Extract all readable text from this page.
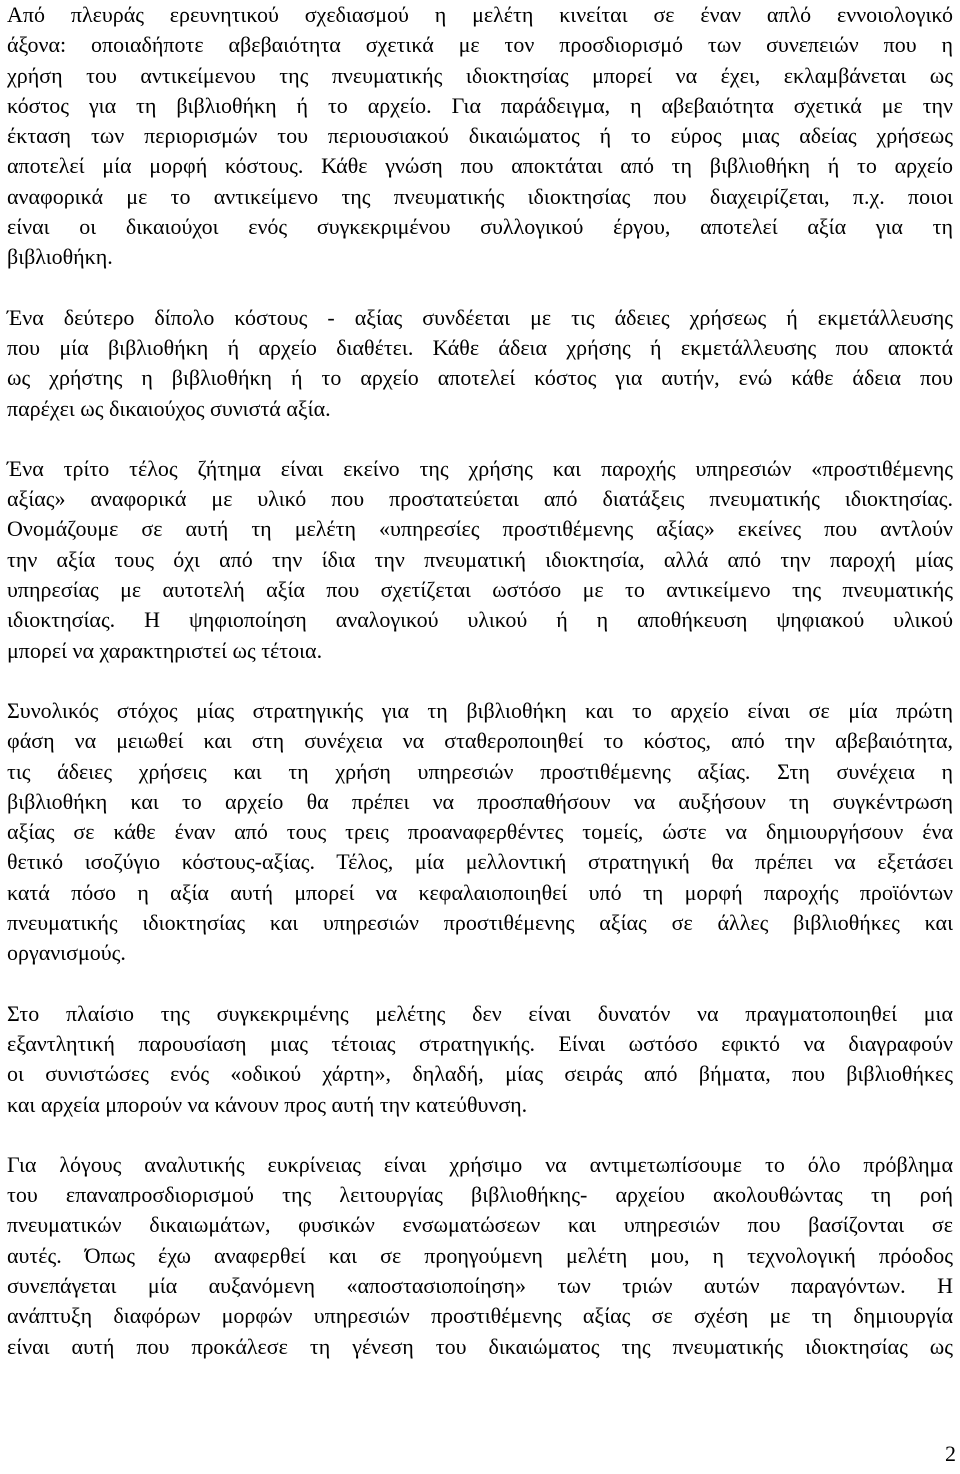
Από πλευράς ερευνητικού σχεδιασμού η μελέτη κινείται σε έναν απλό εννοιολογικό
άξονα: οποιαδήποτε αβεβαιότητα σχετικά με τον προσδιορισμό των συνεπειών που η
χρήση του αντικείμενου της πνευματικής ιδιοκτησίας μπορεί να έχει, εκλαμβάνεται ως
κόστος για τη βιβλιοθήκη ή το αρχείο. Για παράδειγμα, η αβεβαιότητα σχετικά με την
έκταση των περιορισμών του περιουσιακού δικαιώματος ή το εύρος μιας αδείας χρήσεως
αποτελεί μία μορφή κόστους. Κάθε γνώση που αποκτάται από τη βιβλιοθήκη ή το αρχείο
αναφορικά με το αντικείμενο της πνευματικής ιδιοκτησίας που διαχειρίζεται, π.χ. ποιοι
είναι οι δικαιούχοι ενός συγκεκριμένου συλλογικού έργου, αποτελεί αξία για τη
βιβλιοθήκη.
Ένα δεύτερο δίπολο κόστους - αξίας συνδέεται με τις άδειες χρήσεως ή εκμετάλλευσης
που μία βιβλιοθήκη ή αρχείο διαθέτει. Κάθε άδεια χρήσης ή εκμετάλλευσης που αποκτά
ως χρήστης η βιβλιοθήκη ή το αρχείο αποτελεί κόστος για αυτήν, ενώ κάθε άδεια που
παρέχει ως δικαιούχος συνιστά αξία.
Ένα τρίτο τέλος ζήτημα είναι εκείνο της χρήσης και παροχής υπηρεσιών «προστιθέμενης
αξίας» αναφορικά με υλικό που προστατεύεται από διατάξεις πνευματικής ιδιοκτησίας.
Ονομάζουμε σε αυτή τη μελέτη «υπηρεσίες προστιθέμενης αξίας» εκείνες που αντλούν
την αξία τους όχι από την ίδια την πνευματική ιδιοκτησία, αλλά από την παροχή μίας
υπηρεσίας με αυτοτελή αξία που σχετίζεται ωστόσο με το αντικείμενο της πνευματικής
ιδιοκτησίας. Η ψηφιοποίηση αναλογικού υλικού ή η αποθήκευση ψηφιακού υλικού
μπορεί να χαρακτηριστεί ως τέτοια.
Συνολικός στόχος μίας στρατηγικής για τη βιβλιοθήκη και το αρχείο είναι σε μία πρώτη
φάση να μειωθεί και στη συνέχεια να σταθεροποιηθεί το κόστος, από την αβεβαιότητα,
τις άδειες χρήσεις και τη χρήση υπηρεσιών προστιθέμενης αξίας. Στη συνέχεια η
βιβλιοθήκη και το αρχείο θα πρέπει να προσπαθήσουν να αυξήσουν τη συγκέντρωση
αξίας σε κάθε έναν από τους τρεις προαναφερθέντες τομείς, ώστε να δημιουργήσουν ένα
θετικό ισοζύγιο κόστους-αξίας. Τέλος, μία μελλοντική στρατηγική θα πρέπει να εξετάσει
κατά πόσο η αξία αυτή μπορεί να κεφαλαιοποιηθεί υπό τη μορφή παροχής προϊόντων
πνευματικής ιδιοκτησίας και υπηρεσιών προστιθέμενης αξίας σε άλλες βιβλιοθήκες και
οργανισμούς.
Στο πλαίσιο της συγκεκριμένης μελέτης δεν είναι δυνατόν να πραγματοποιηθεί μια
εξαντλητική παρουσίαση μιας τέτοιας στρατηγικής. Είναι ωστόσο εφικτό να διαγραφούν
οι συνιστώσες ενός «οδικού χάρτη», δηλαδή, μίας σειράς από βήματα, που βιβλιοθήκες
και αρχεία μπορούν να κάνουν προς αυτή την κατεύθυνση.
Για λόγους αναλυτικής ευκρίνειας είναι χρήσιμο να αντιμετωπίσουμε το όλο πρόβλημα
του επαναπροσδιορισμού της λειτουργίας βιβλιοθήκης- αρχείου ακολουθώντας τη ροή
πνευματικών δικαιωμάτων, φυσικών ενσωματώσεων και υπηρεσιών που βασίζονται σε
αυτές. Όπως έχω αναφερθεί και σε προηγούμενη μελέτη μου, η τεχνολογική πρόοδος
συνεπάγεται μία αυξανόμενη «αποστασιοποίηση» των τριών αυτών παραγόντων. Η
ανάπτυξη διαφόρων μορφών υπηρεσιών προστιθέμενης αξίας σε σχέση με τη δημιουργία
είναι αυτή που προκάλεσε τη γένεση του δικαιώματος της πνευματικής ιδιοκτησίας ως
2
